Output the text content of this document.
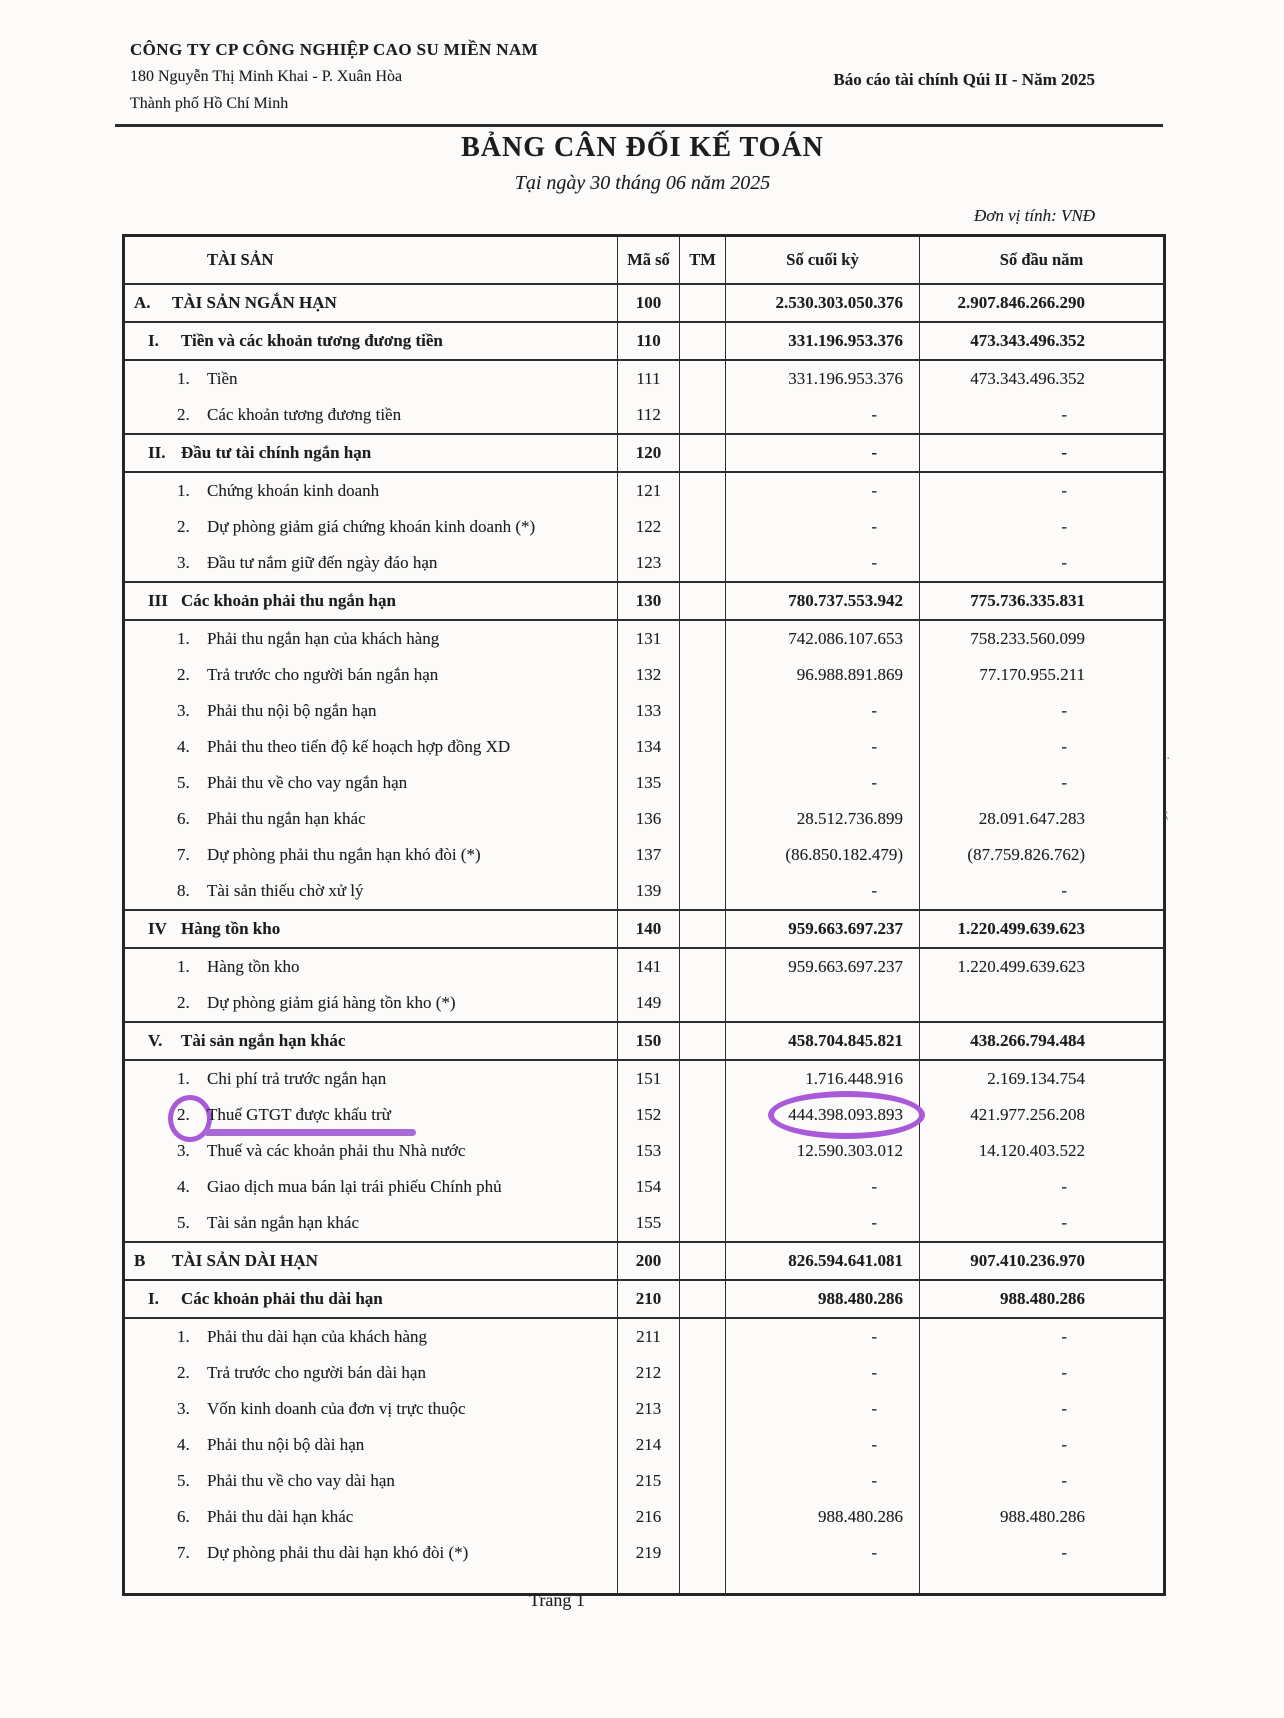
CÔNG TY CP CÔNG NGHIỆP CAO SU MIỀN NAM
180 Nguyễn Thị Minh Khai - P. Xuân Hòa
Thành phố Hồ Chí Minh
Báo cáo tài chính Qúi II - Năm 2025
BẢNG CÂN ĐỐI KẾ TOÁN
Tại ngày 30 tháng 06 năm 2025
Đơn vị tính: VNĐ
TÀI SẢN	Mã số	TM	Số cuối kỳ	Số đầu năm
A. TÀI SẢN NGẮN HẠN	100		2.530.303.050.376	2.907.846.266.290
I. Tiền và các khoản tương đương tiền	110		331.196.953.376	473.343.496.352
1. Tiền	111		331.196.953.376	473.343.496.352
2. Các khoản tương đương tiền	112		-	-
II. Đầu tư tài chính ngắn hạn	120		-	-
1. Chứng khoán kinh doanh	121		-	-
2. Dự phòng giảm giá chứng khoán kinh doanh (*)	122		-	-
3. Đầu tư nắm giữ đến ngày đáo hạn	123		-	-
III Các khoản phải thu ngắn hạn	130		780.737.553.942	775.736.335.831
1. Phải thu ngắn hạn của khách hàng	131		742.086.107.653	758.233.560.099
2. Trả trước cho người bán ngắn hạn	132		96.988.891.869	77.170.955.211
3. Phải thu nội bộ ngắn hạn	133		-	-
4. Phải thu theo tiến độ kế hoạch hợp đồng XD	134		-	-
5. Phải thu về cho vay ngắn hạn	135		-	-
6. Phải thu ngắn hạn khác	136		28.512.736.899	28.091.647.283
7. Dự phòng phải thu ngắn hạn khó đòi (*)	137		(86.850.182.479)	(87.759.826.762)
8. Tài sản thiếu chờ xử lý	139		-	-
IV Hàng tồn kho	140		959.663.697.237	1.220.499.639.623
1. Hàng tồn kho	141		959.663.697.237	1.220.499.639.623
2. Dự phòng giảm giá hàng tồn kho (*)	149			
V. Tài sản ngắn hạn khác	150		458.704.845.821	438.266.794.484
1. Chi phí trả trước ngắn hạn	151		1.716.448.916	2.169.134.754
2. Thuế GTGT được khấu trừ	152		444.398.093.893	421.977.256.208
3. Thuế và các khoản phải thu Nhà nước	153		12.590.303.012	14.120.403.522
4. Giao dịch mua bán lại trái phiếu Chính phủ	154		-	-
5. Tài sản ngắn hạn khác	155		-	-
B TÀI SẢN DÀI HẠN	200		826.594.641.081	907.410.236.970
I. Các khoản phải thu dài hạn	210		988.480.286	988.480.286
1. Phải thu dài hạn của khách hàng	211		-	-
2. Trả trước cho người bán dài hạn	212		-	-
3. Vốn kinh doanh của đơn vị trực thuộc	213		-	-
4. Phải thu nội bộ dài hạn	214		-	-
5. Phải thu về cho vay dài hạn	215		-	-
6. Phải thu dài hạn khác	216		988.480.286	988.480.286
7. Dự phòng phải thu dài hạn khó đòi (*)	219		-	-

Trang 1
·
⁏
